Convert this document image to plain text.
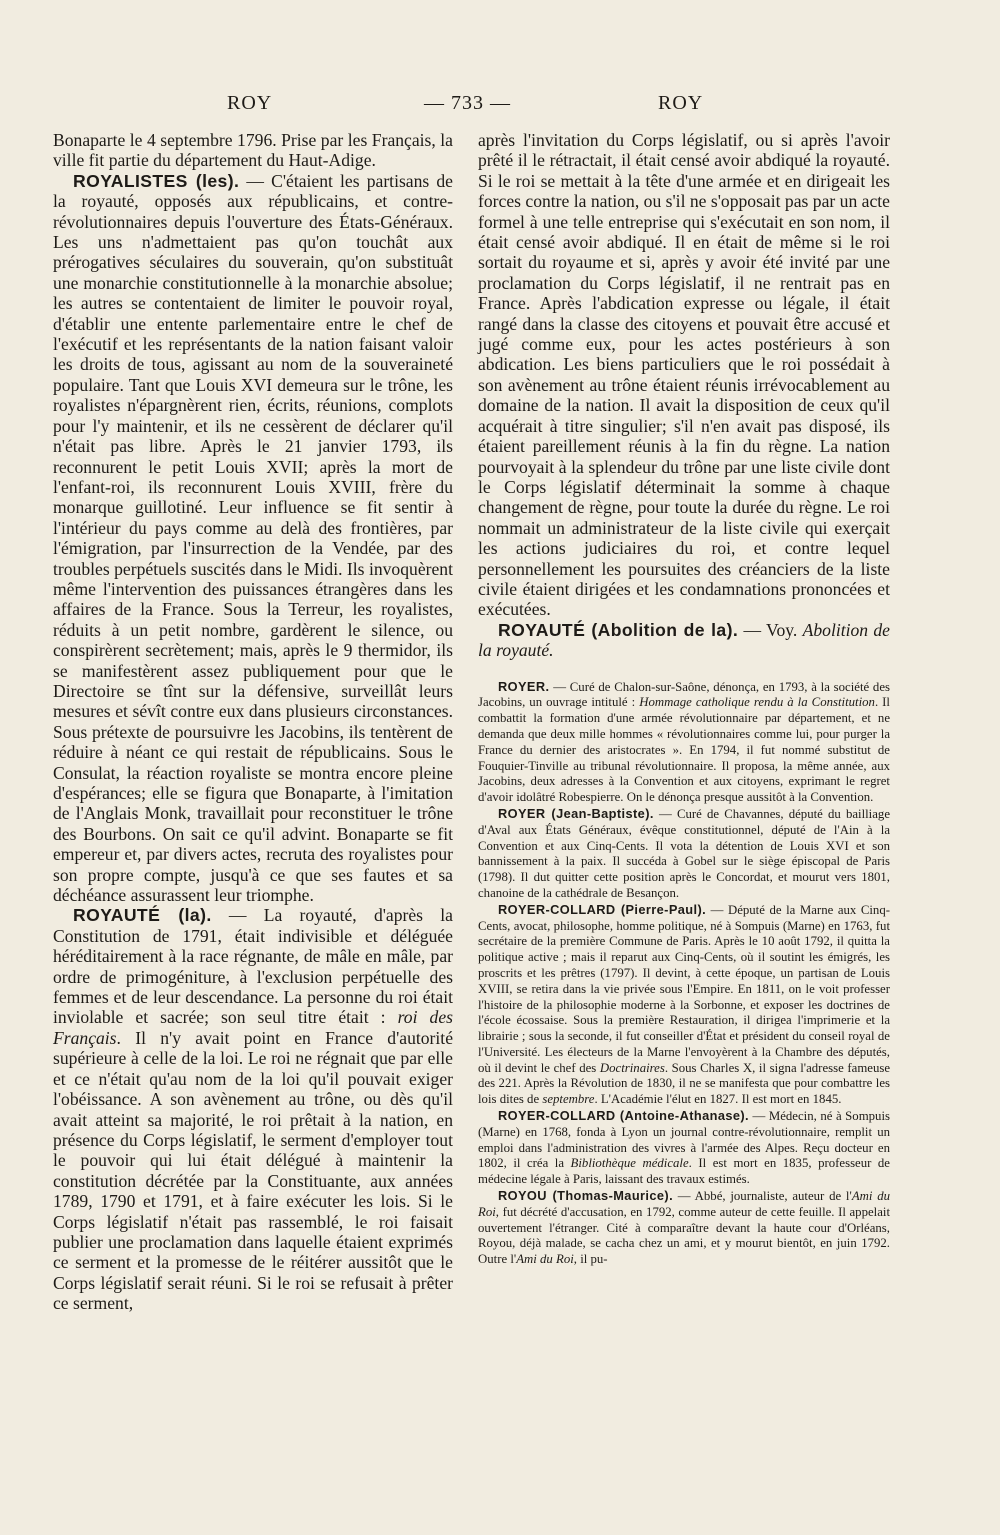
ROY	— 733 —	ROY

Bonaparte le 4 septembre 1796. Prise par les Français, la ville fit partie du département du Haut-Adige.

ROYALISTES (les). — C'étaient les partisans de la royauté, opposés aux républicains, et contre-révolutionnaires depuis l'ouverture des États-Généraux. Les uns n'admettaient pas qu'on touchât aux prérogatives séculaires du souverain, qu'on substituât une monarchie constitutionnelle à la monarchie absolue; les autres se contentaient de limiter le pouvoir royal, d'établir une entente parlementaire entre le chef de l'exécutif et les représentants de la nation faisant valoir les droits de tous, agissant au nom de la souveraineté populaire. Tant que Louis XVI demeura sur le trône, les royalistes n'épargnèrent rien, écrits, réunions, complots pour l'y maintenir, et ils ne cessèrent de déclarer qu'il n'était pas libre. Après le 21 janvier 1793, ils reconnurent le petit Louis XVII; après la mort de l'enfant-roi, ils reconnurent Louis XVIII, frère du monarque guillotiné. Leur influence se fit sentir à l'intérieur du pays comme au delà des frontières, par l'émigration, par l'insurrection de la Vendée, par des troubles perpétuels suscités dans le Midi. Ils invoquèrent même l'intervention des puissances étrangères dans les affaires de la France. Sous la Terreur, les royalistes, réduits à un petit nombre, gardèrent le silence, ou conspirèrent secrètement; mais, après le 9 thermidor, ils se manifestèrent assez publiquement pour que le Directoire se tînt sur la défensive, surveillât leurs mesures et sévît contre eux dans plusieurs circonstances. Sous prétexte de poursuivre les Jacobins, ils tentèrent de réduire à néant ce qui restait de républicains. Sous le Consulat, la réaction royaliste se montra encore pleine d'espérances; elle se figura que Bonaparte, à l'imitation de l'Anglais Monk, travaillait pour reconstituer le trône des Bourbons. On sait ce qu'il advint. Bonaparte se fit empereur et, par divers actes, recruta des royalistes pour son propre compte, jusqu'à ce que ses fautes et sa déchéance assurassent leur triomphe.

ROYAUTÉ (la). — La royauté, d'après la Constitution de 1791, était indivisible et déléguée héréditairement à la race régnante, de mâle en mâle, par ordre de primogéniture, à l'exclusion perpétuelle des femmes et de leur descendance. La personne du roi était inviolable et sacrée; son seul titre était : roi des Français. Il n'y avait point en France d'autorité supérieure à celle de la loi. Le roi ne régnait que par elle et ce n'était qu'au nom de la loi qu'il pouvait exiger l'obéissance. A son avènement au trône, ou dès qu'il avait atteint sa majorité, le roi prêtait à la nation, en présence du Corps législatif, le serment d'employer tout le pouvoir qui lui était délégué à maintenir la constitution décrétée par la Constituante, aux années 1789, 1790 et 1791, et à faire exécuter les lois. Si le Corps législatif n'était pas rassemblé, le roi faisait publier une proclamation dans laquelle étaient exprimés ce serment et la promesse de le réitérer aussitôt que le Corps législatif serait réuni. Si le roi se refusait à prêter ce serment,

après l'invitation du Corps législatif, ou si après l'avoir prêté il le rétractait, il était censé avoir abdiqué la royauté. Si le roi se mettait à la tête d'une armée et en dirigeait les forces contre la nation, ou s'il ne s'opposait pas par un acte formel à une telle entreprise qui s'exécutait en son nom, il était censé avoir abdiqué. Il en était de même si le roi sortait du royaume et si, après y avoir été invité par une proclamation du Corps législatif, il ne rentrait pas en France. Après l'abdication expresse ou légale, il était rangé dans la classe des citoyens et pouvait être accusé et jugé comme eux, pour les actes postérieurs à son abdication. Les biens particuliers que le roi possédait à son avènement au trône étaient réunis irrévocablement au domaine de la nation. Il avait la disposition de ceux qu'il acquérait à titre singulier; s'il n'en avait pas disposé, ils étaient pareillement réunis à la fin du règne. La nation pourvoyait à la splendeur du trône par une liste civile dont le Corps législatif déterminait la somme à chaque changement de règne, pour toute la durée du règne. Le roi nommait un administrateur de la liste civile qui exerçait les actions judiciaires du roi, et contre lequel personnellement les poursuites des créanciers de la liste civile étaient dirigées et les condamnations prononcées et exécutées.

ROYAUTÉ (Abolition de la). — Voy. Abolition de la royauté.

ROYER. — Curé de Chalon-sur-Saône, dénonça, en 1793, à la société des Jacobins, un ouvrage intitulé : Hommage catholique rendu à la Constitution. Il combattit la formation d'une armée révolutionnaire par département, et ne demanda que deux mille hommes « révolutionnaires comme lui, pour purger la France du dernier des aristocrates ». En 1794, il fut nommé substitut de Fouquier-Tinville au tribunal révolutionnaire. Il proposa, la même année, aux Jacobins, deux adresses à la Convention et aux citoyens, exprimant le regret d'avoir idolâtré Robespierre. On le dénonça presque aussitôt à la Convention.

ROYER (Jean-Baptiste). — Curé de Chavannes, député du bailliage d'Aval aux États Généraux, évêque constitutionnel, député de l'Ain à la Convention et aux Cinq-Cents. Il vota la détention de Louis XVI et son bannissement à la paix. Il succéda à Gobel sur le siège épiscopal de Paris (1798). Il dut quitter cette position après le Concordat, et mourut vers 1801, chanoine de la cathédrale de Besançon.

ROYER-COLLARD (Pierre-Paul). — Député de la Marne aux Cinq-Cents, avocat, philosophe, homme politique, né à Sompuis (Marne) en 1763, fut secrétaire de la première Commune de Paris. Après le 10 août 1792, il quitta la politique active ; mais il reparut aux Cinq-Cents, où il soutint les émigrés, les proscrits et les prêtres (1797). Il devint, à cette époque, un partisan de Louis XVIII, se retira dans la vie privée sous l'Empire. En 1811, on le voit professer l'histoire de la philosophie moderne à la Sorbonne, et exposer les doctrines de l'école écossaise. Sous la première Restauration, il dirigea l'imprimerie et la librairie ; sous la seconde, il fut conseiller d'État et président du conseil royal de l'Université. Les électeurs de la Marne l'envoyèrent à la Chambre des députés, où il devint le chef des Doctrinaires. Sous Charles X, il signa l'adresse fameuse des 221. Après la Révolution de 1830, il ne se manifesta que pour combattre les lois dites de septembre. L'Académie l'élut en 1827. Il est mort en 1845.

ROYER-COLLARD (Antoine-Athanase). — Médecin, né à Sompuis (Marne) en 1768, fonda à Lyon un journal contre-révolutionnaire, remplit un emploi dans l'administration des vivres à l'armée des Alpes. Reçu docteur en 1802, il créa la Bibliothèque médicale. Il est mort en 1835, professeur de médecine légale à Paris, laissant des travaux estimés.

ROYOU (Thomas-Maurice). — Abbé, journaliste, auteur de l'Ami du Roi, fut décrété d'accusation, en 1792, comme auteur de cette feuille. Il appelait ouvertement l'étranger. Cité à comparaître devant la haute cour d'Orléans, Royou, déjà malade, se cacha chez un ami, et y mourut bientôt, en juin 1792. Outre l'Ami du Roi, il pu-
